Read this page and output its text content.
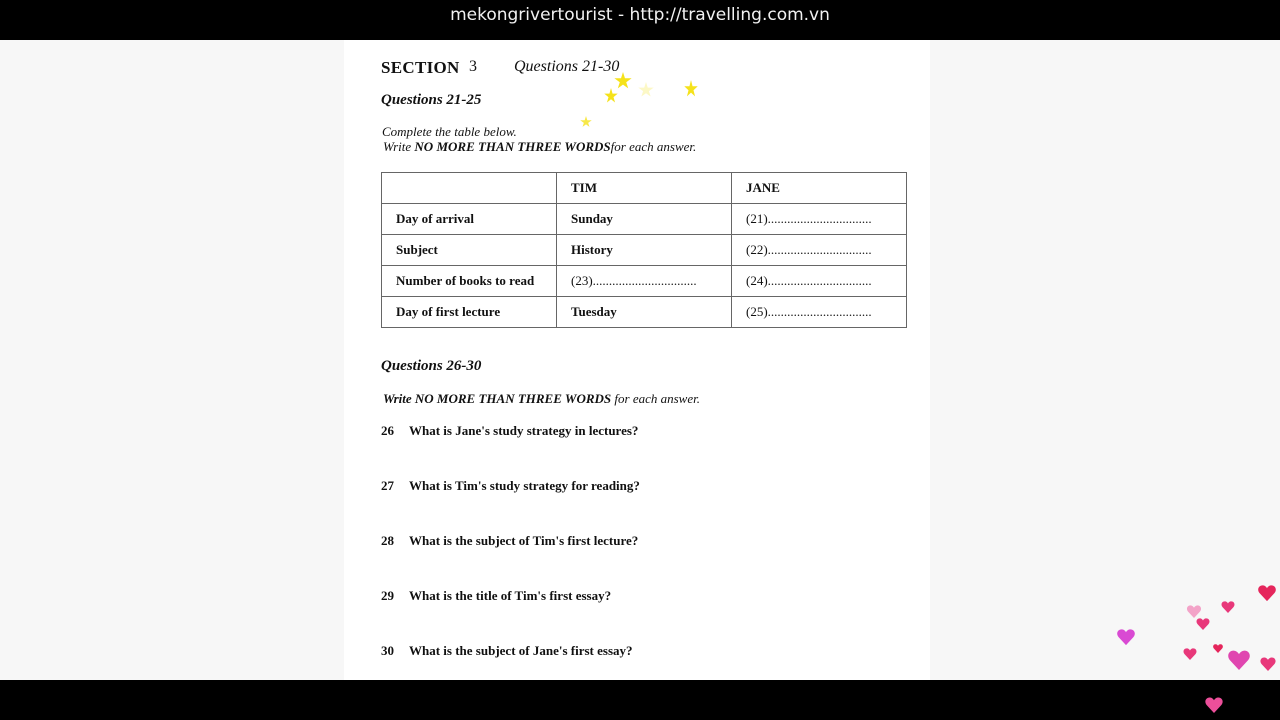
mekongrivertourist - http://travelling.com.vn
SECTION 3 Questions 21-30
Questions 21-25
Complete the table below.
Write NO MORE THAN THREE WORDSfor each answer.
	TIM	JANE
Day of arrival	Sunday	(21)................................
Subject	History	(22)................................
Number of books to read	(23)................................	(24)................................
Day of first lecture	Tuesday	(25)................................
Questions 26-30
Write NO MORE THAN THREE WORDS for each answer.
26 What is Jane's study strategy in lectures?
27 What is Tim's study strategy for reading?
28 What is the subject of Tim's first lecture?
29 What is the title of Tim's first essay?
30 What is the subject of Jane's first essay?
